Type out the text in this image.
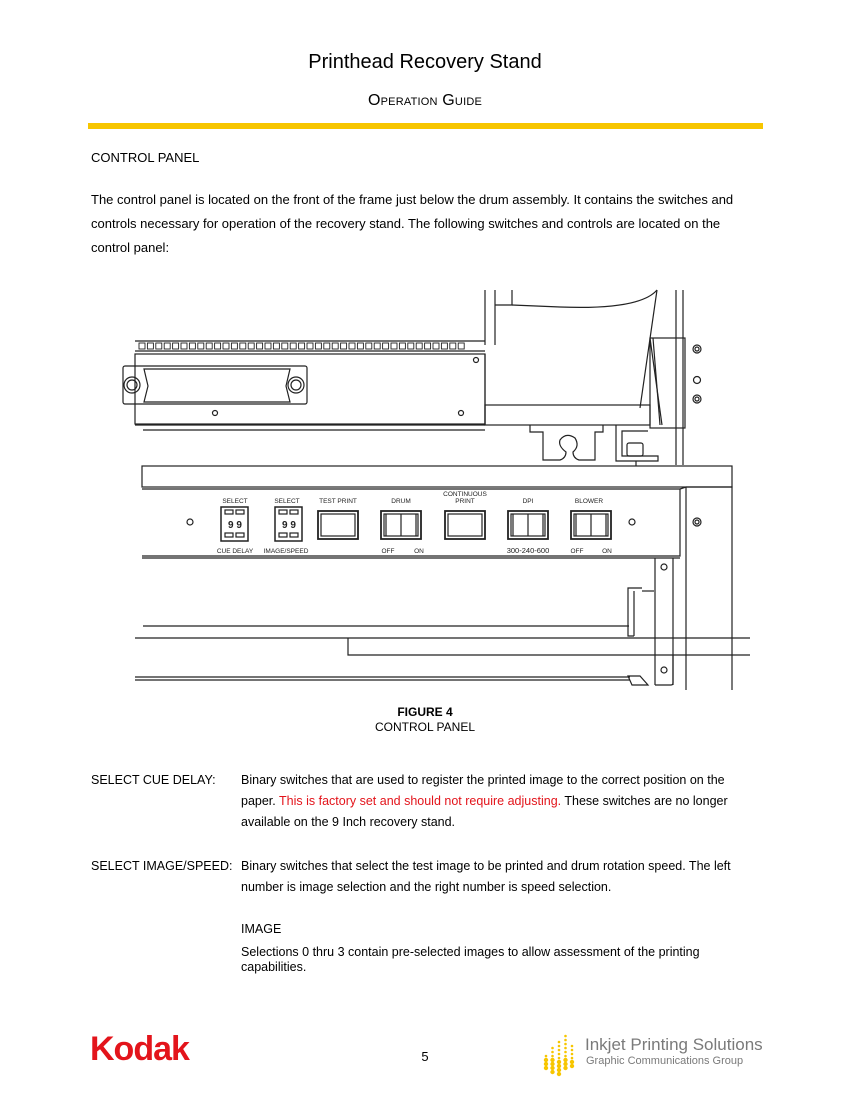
Printhead Recovery Stand
Operation Guide
CONTROL PANEL
The control panel is located on the front of the frame just below the drum assembly. It contains the switches and controls necessary for operation of the recovery stand. The following switches and controls are located on the control panel:
SELECT
CUE DELAY
9 9
SELECT
IMAGE/SPEED
9 9
TEST PRINT	DRUM
OFF	ON
CONTINUOUS
PRINT	DPI
300-240-600
BLOWER
OFF	ON
FIGURE 4
CONTROL PANEL
SELECT CUE DELAY: Binary switches that are used to register the printed image to the correct position on the paper. This is factory set and should not require adjusting. These switches are no longer available on the 9 Inch recovery stand.
SELECT IMAGE/SPEED: Binary switches that select the test image to be printed and drum rotation speed. The left number is image selection and the right number is speed selection.
IMAGE
Selections 0 thru 3 contain pre-selected images to allow assessment of the printing capabilities.
Kodak	5
Inkjet Printing Solutions
Graphic Communications Group
